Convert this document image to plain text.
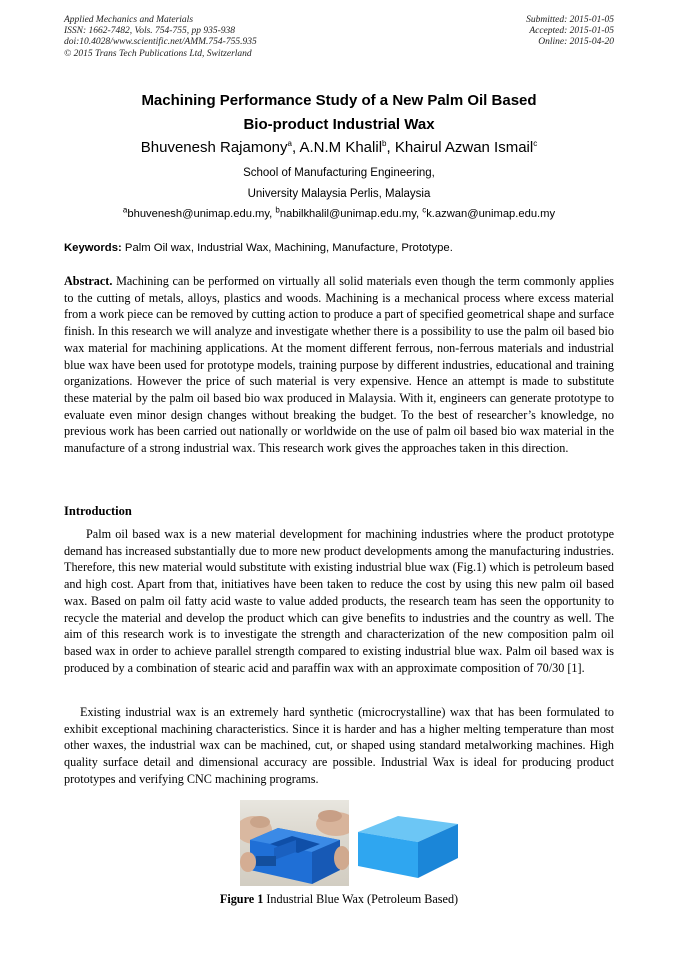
Applied Mechanics and Materials
ISSN: 1662-7482, Vols. 754-755, pp 935-938
doi:10.4028/www.scientific.net/AMM.754-755.935
© 2015 Trans Tech Publications Ltd, Switzerland
Submitted: 2015-01-05
Accepted: 2015-01-05
Online: 2015-04-20
Machining Performance Study of a New Palm Oil Based
Bio-product Industrial Wax
Bhuvenesh Rajamony$^a$, A.N.M Khalil$^b$, Khairul Azwan Ismail$^c$
School of Manufacturing Engineering,
University Malaysia Perlis, Malaysia
$^a$bhuvenesh@unimap.edu.my, $^b$nabilkhalil@unimap.edu.my, $^c$k.azwan@unimap.edu.my
Keywords: Palm Oil wax, Industrial Wax, Machining, Manufacture, Prototype.
Abstract. Machining can be performed on virtually all solid materials even though the term commonly applies to the cutting of metals, alloys, plastics and woods. Machining is a mechanical process where excess material from a work piece can be removed by cutting action to produce a part of specified geometrical shape and surface finish. In this research we will analyze and investigate whether there is a possibility to use the palm oil based bio wax material for machining applications. At the moment different ferrous, non-ferrous materials and industrial blue wax have been used for prototype models, training purpose by different industries, educational and training organizations. However the price of such material is very expensive. Hence an attempt is made to substitute these material by the palm oil based bio wax produced in Malaysia. With it, engineers can generate prototype to evaluate even minor design changes without breaking the budget. To the best of researcher’s knowledge, no previous work has been carried out nationally or worldwide on the use of palm oil based bio wax material in the manufacture of a strong industrial wax. This research work gives the approaches taken in this direction.
Introduction
Palm oil based wax is a new material development for machining industries where the product prototype demand has increased substantially due to more new product developments among the manufacturing industries. Therefore, this new material would substitute with existing industrial blue wax (Fig.1) which is petroleum based and high cost. Apart from that, initiatives have been taken to reduce the cost by using this new palm oil based wax. Based on palm oil fatty acid waste to value added products, the research team has seen the opportunity to recycle the material and develop the product which can give benefits to industries and the country as well. The aim of this research work is to investigate the strength and characterization of the new composition palm oil based wax in order to achieve parallel strength compared to existing industrial blue wax. Palm oil based wax is produced by a combination of stearic acid and paraffin wax with an approximate composition of 70/30 [1].
Existing industrial wax is an extremely hard synthetic (microcrystalline) wax that has been formulated to exhibit exceptional machining characteristics. Since it is harder and has a higher melting temperature than most other waxes, the industrial wax can be machined, cut, or shaped using standard metalworking machines. High quality surface detail and dimensional accuracy are possible. Industrial Wax is ideal for producing product prototypes and verifying CNC machining programs.
Figure 1 Industrial Blue Wax (Petroleum Based)
